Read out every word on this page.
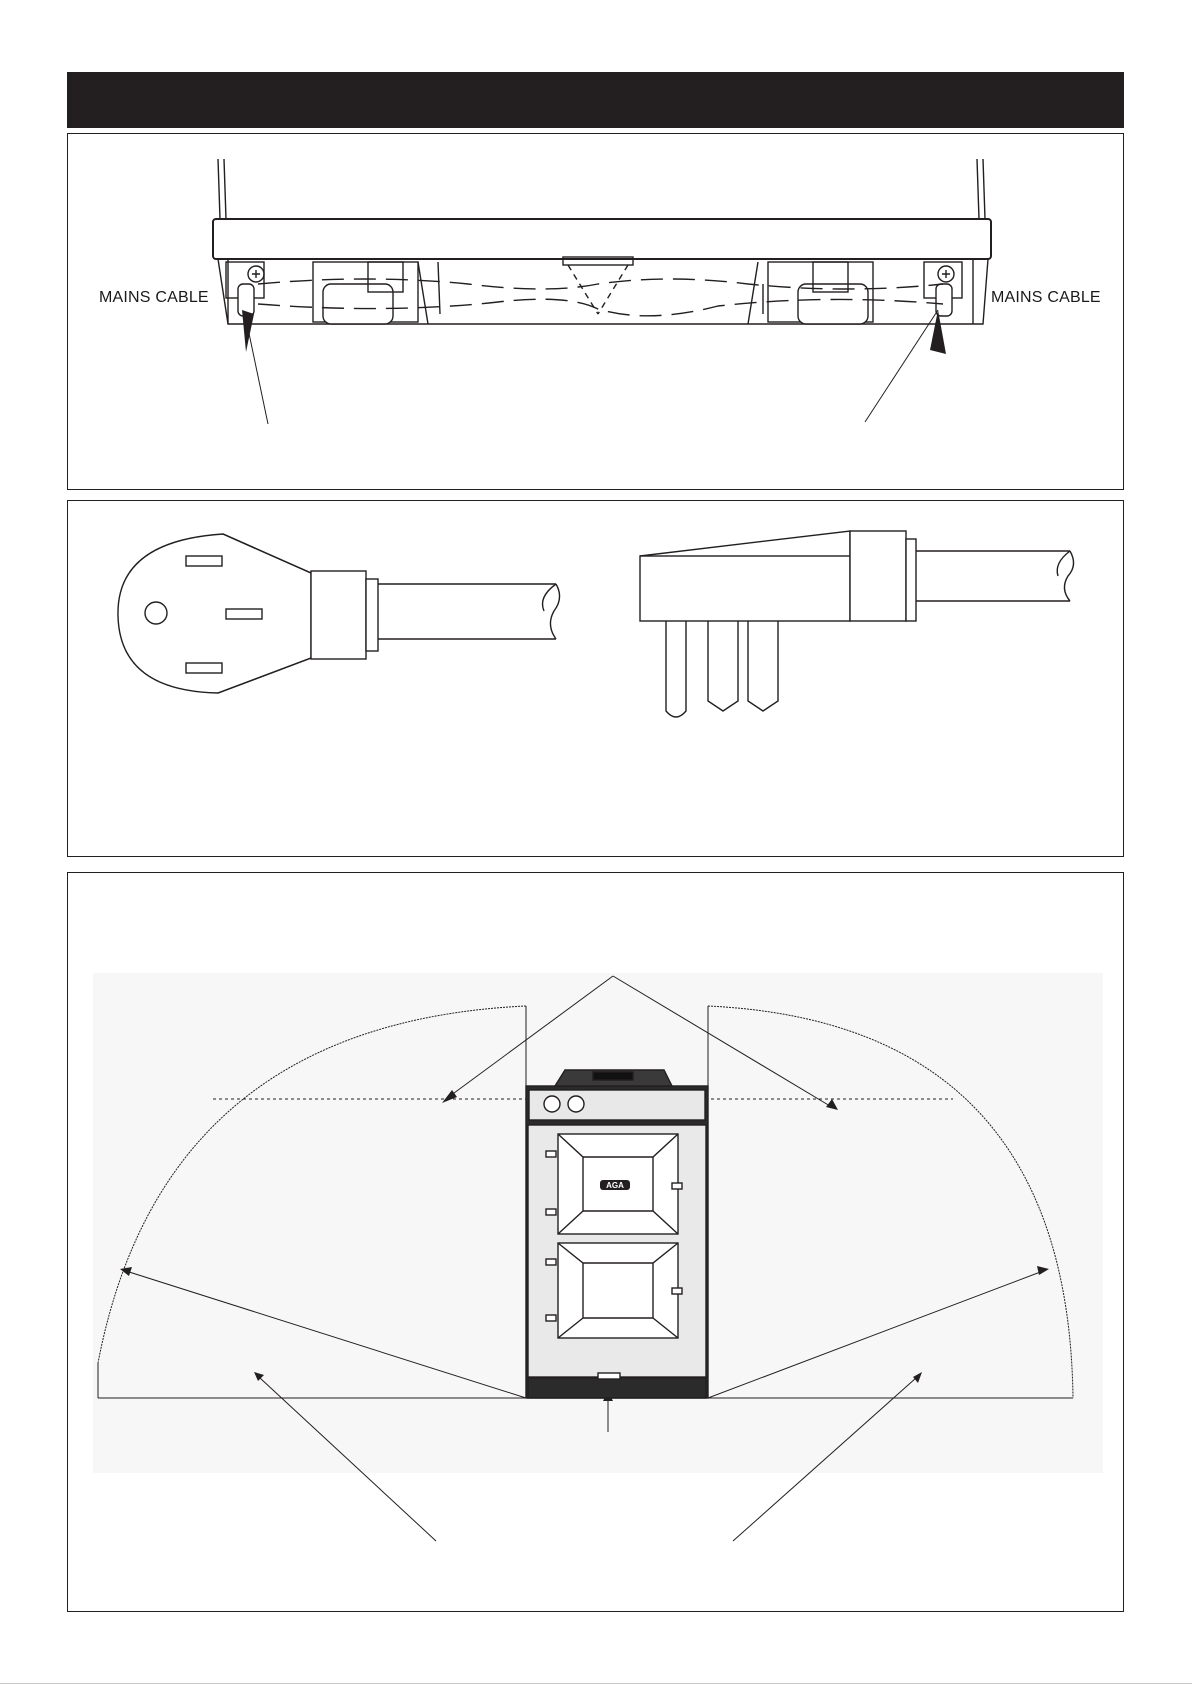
MAINS CABLE	MAINS CABLE
AGA
